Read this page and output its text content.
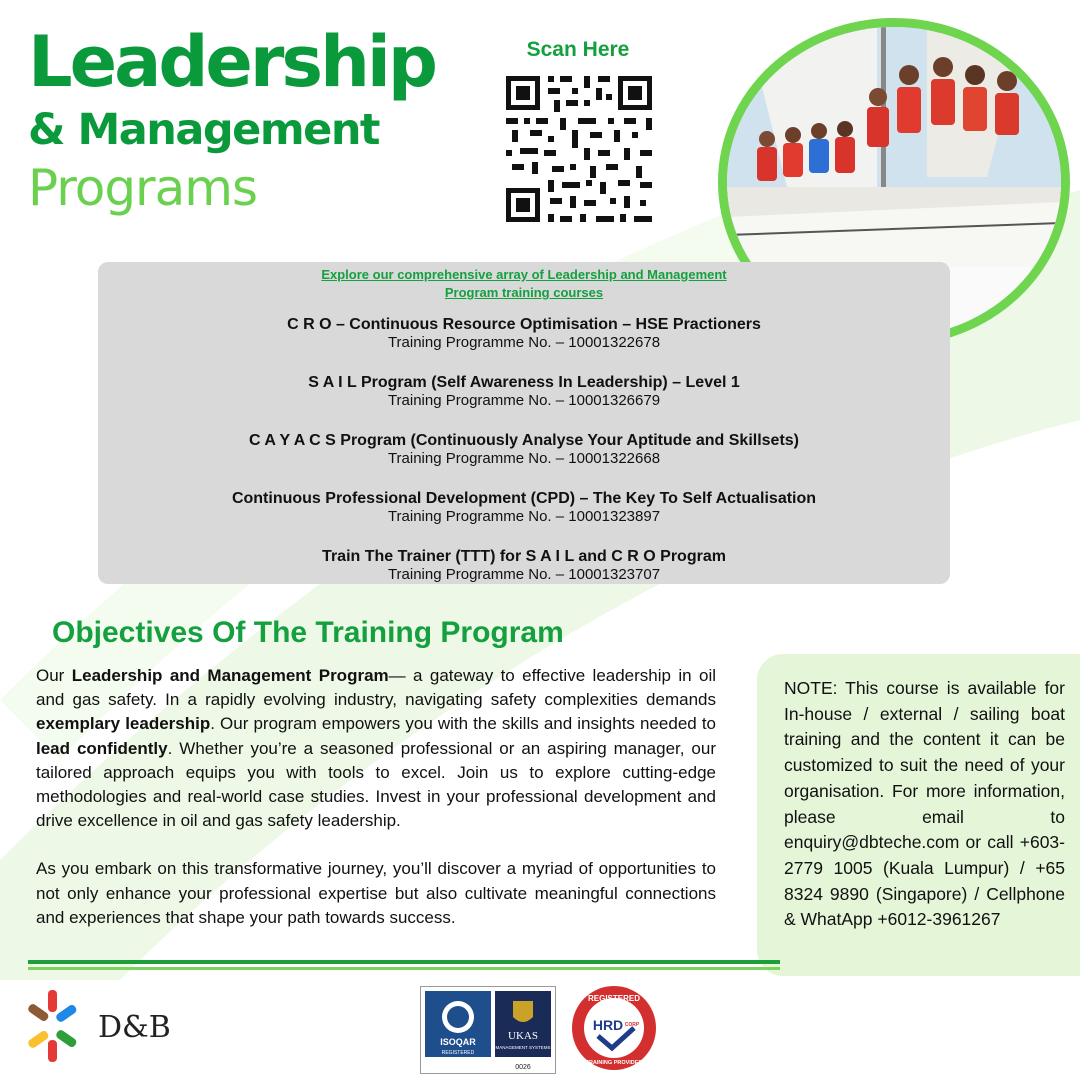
Leadership
& Management
Programs
Scan Here
Explore our comprehensive array of Leadership and Management Program training courses
C R O – Continuous Resource Optimisation – HSE Practioners
Training Programme No. – 10001322678
S A I L Program (Self Awareness In Leadership) – Level 1
Training Programme No. – 10001326679
C A Y A C S Program (Continuously Analyse Your Aptitude and Skillsets)
Training Programme No. – 10001322668
Continuous Professional Development (CPD) – The Key To Self Actualisation
Training Programme No. – 10001323897
Train The Trainer (TTT) for S A I L and C R O Program
Training Programme No. – 10001323707
Objectives Of The Training Program

Our Leadership and Management Program— a gateway to effective leadership in oil and gas safety. In a rapidly evolving industry, navigating safety complexities demands exemplary leadership. Our program empowers you with the skills and insights needed to lead confidently. Whether you’re a seasoned professional or an aspiring manager, our tailored approach equips you with tools to excel. Join us to explore cutting-edge methodologies and real-world case studies. Invest in your professional development and drive excellence in oil and gas safety leadership.

As you embark on this transformative journey, you’ll discover a myriad of opportunities to not only enhance your professional expertise but also cultivate meaningful connections and experiences that shape your path towards success.

NOTE: This course is available for In-house / external / sailing boat training and the content it can be customized to suit the need of your organisation. For more information, please email to enquiry@dbteche.com or call +603-2779 1005 (Kuala Lumpur) / +65 8324 9890 (Singapore) / Cellphone & WhatApp +6012-3961267
D&B	ISOQAR
REGISTERED
UKAS
MANAGEMENT SYSTEMS
0026
REGISTERED
HRD CORP
TRAINING PROVIDER
